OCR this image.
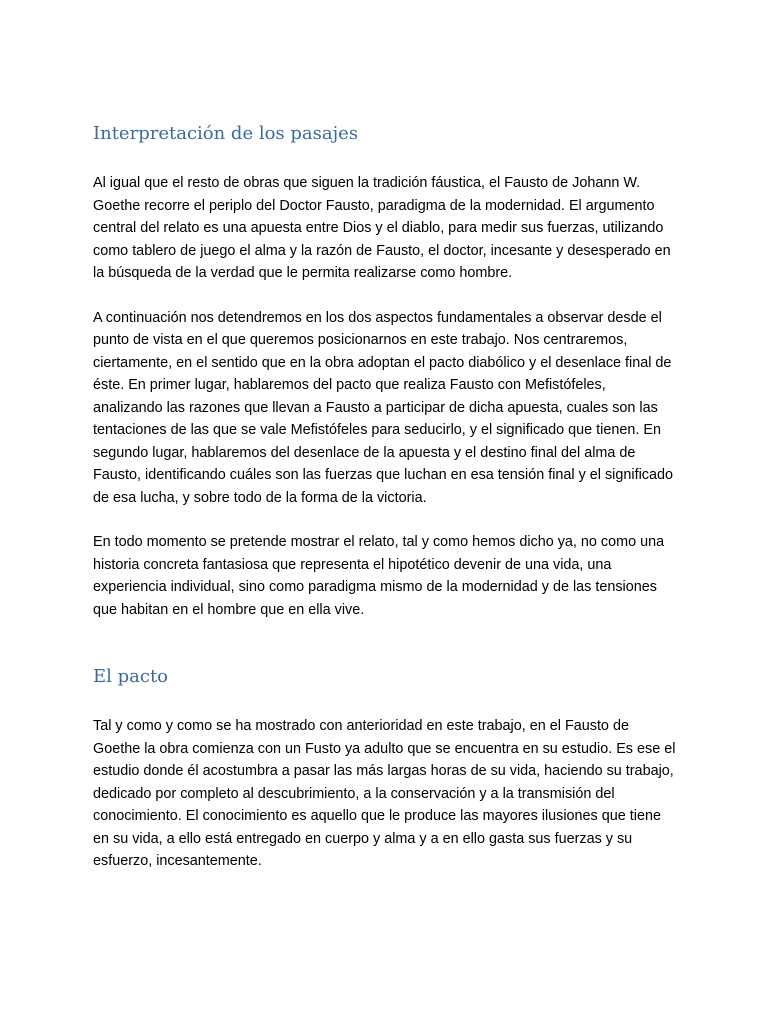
Interpretación de los pasajes

Al igual que el resto de obras que siguen la tradición fáustica, el Fausto de Johann W. Goethe recorre el periplo del Doctor Fausto, paradigma de la modernidad. El argumento central del relato es una apuesta entre Dios y el diablo, para medir sus fuerzas, utilizando como tablero de juego el alma y la razón de Fausto, el doctor, incesante y desesperado en la búsqueda de la verdad que le permita realizarse como hombre.

A continuación nos detendremos en los dos aspectos fundamentales a observar desde el punto de vista en el que queremos posicionarnos en este trabajo. Nos centraremos, ciertamente, en el sentido que en la obra adoptan el pacto diabólico y el desenlace final de éste. En primer lugar, hablaremos del pacto que realiza Fausto con Mefistófeles, analizando las razones que llevan a Fausto a participar de dicha apuesta, cuales son las tentaciones de las que se vale Mefistófeles para seducirlo, y el significado que tienen. En segundo lugar, hablaremos del desenlace de la apuesta y el destino final del alma de Fausto, identificando cuáles son las fuerzas que luchan en esa tensión final y el significado de esa lucha, y sobre todo de la forma de la victoria.

En todo momento se pretende mostrar el relato, tal y como hemos dicho ya, no como una historia concreta fantasiosa que representa el hipotético devenir de una vida, una experiencia individual, sino como paradigma mismo de la modernidad y de las tensiones que habitan en el hombre que en ella vive.

El pacto

Tal y como y como se ha mostrado con anterioridad en este trabajo, en el Fausto de Goethe la obra comienza con un Fusto ya adulto que se encuentra en su estudio. Es ese el estudio donde él acostumbra a pasar las más largas horas de su vida, haciendo su trabajo, dedicado por completo al descubrimiento, a la conservación y a la transmisión del conocimiento. El conocimiento es aquello que le produce las mayores ilusiones que tiene en su vida, a ello está entregado en cuerpo y alma y a en ello gasta sus fuerzas y su esfuerzo, incesantemente.
